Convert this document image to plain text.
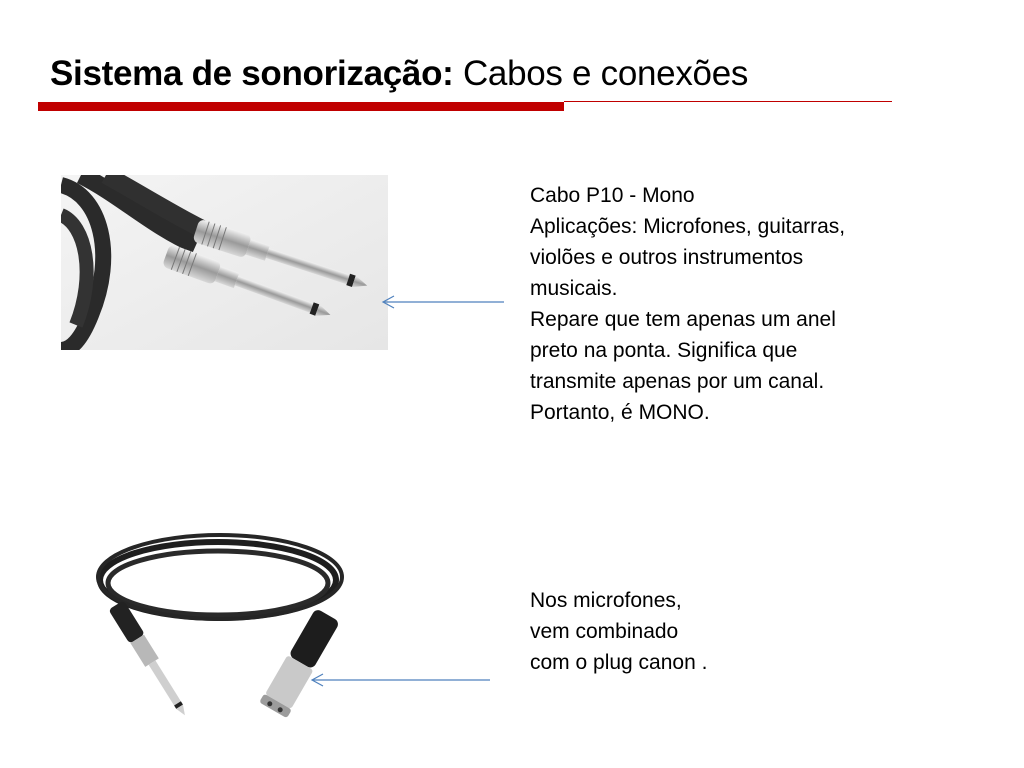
Sistema de sonorização: Cabos e conexões
Cabo P10 - Mono
Aplicações: Microfones, guitarras,
violões e outros instrumentos
musicais.
Repare que tem apenas um anel
preto na ponta. Significa que
transmite apenas por um canal.
Portanto, é MONO.
Nos microfones,
vem combinado
com o plug canon .
